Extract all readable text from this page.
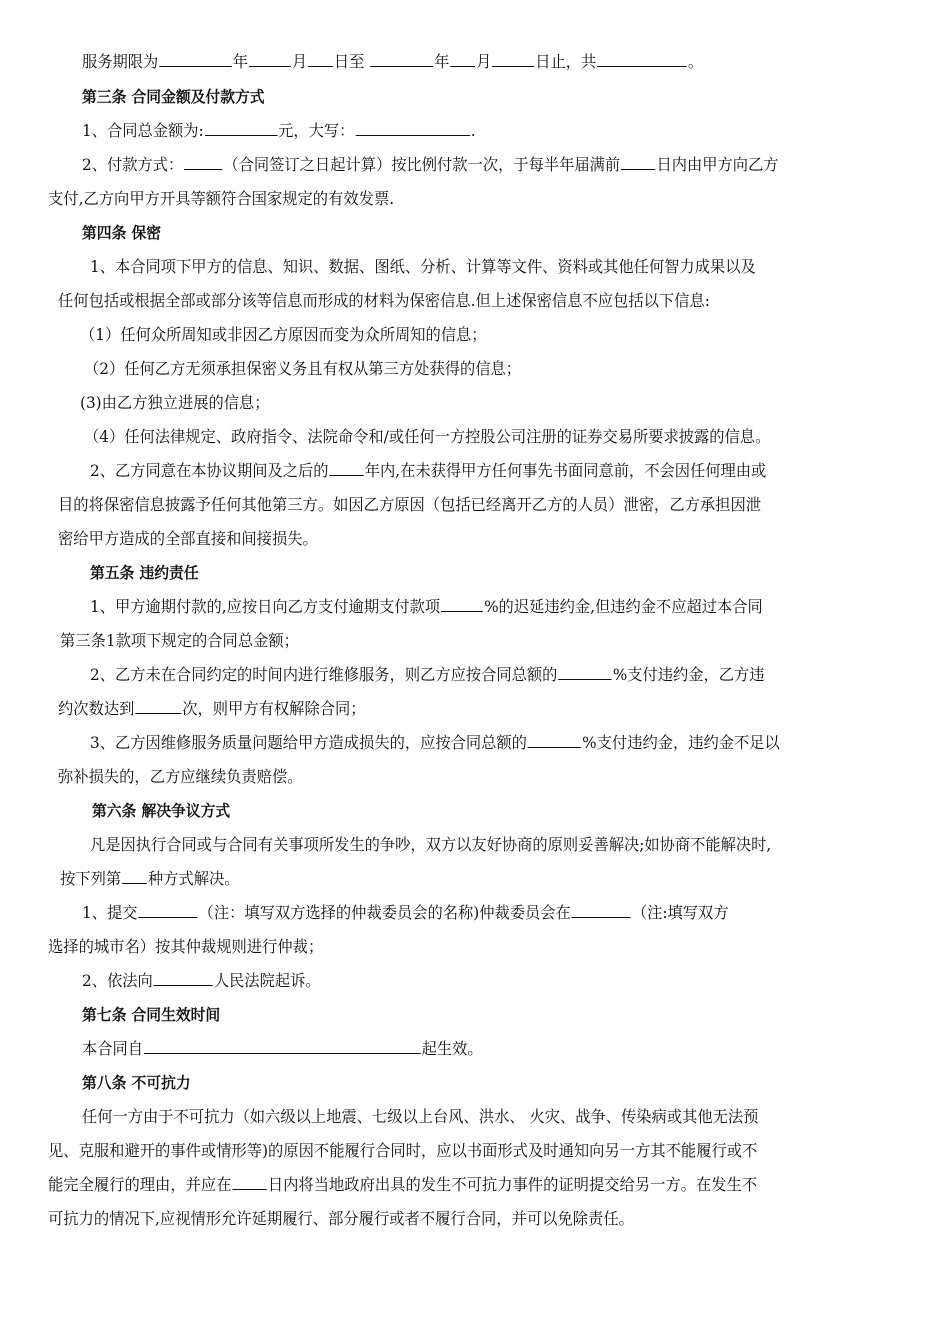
服务期限为	年	月 日至	年 月	日止，共	。
第三条 合同金额及付款方式
1、合同总金额为:	元，大写：	.
2、付款方式：	（合同签订之日起计算）按比例付款一次，于每半年届满前 日内由甲方向乙方
支付,乙方向甲方开具等额符合国家规定的有效发票.
第四条 保密
1、本合同项下甲方的信息、知识、数据、图纸、分析、计算等文件、资料或其他任何智力成果以及
任何包括或根据全部或部分该等信息而形成的材料为保密信息.但上述保密信息不应包括以下信息:
（1）任何众所周知或非因乙方原因而变为众所周知的信息；
（2）任何乙方无须承担保密义务且有权从第三方处获得的信息；
(3)由乙方独立进展的信息；
（4）任何法律规定、政府指令、法院命令和/或任何一方控股公司注册的证券交易所要求披露的信息。
2、乙方同意在本协议期间及之后的 年内,在未获得甲方任何事先书面同意前，不会因任何理由或
目的将保密信息披露予任何其他第三方。如因乙方原因（包括已经离开乙方的人员）泄密，乙方承担因泄
密给甲方造成的全部直接和间接损失。
第五条 违约责任
1、甲方逾期付款的,应按日向乙方支付逾期支付款项	%的迟延违约金,但违约金不应超过本合同
第三条1款项下规定的合同总金额；
2、乙方未在合同约定的时间内进行维修服务，则乙方应按合同总额的	%支付违约金，乙方违
约次数达到	次，则甲方有权解除合同；
3、乙方因维修服务质量问题给甲方造成损失的，应按合同总额的	%支付违约金，违约金不足以
弥补损失的，乙方应继续负责赔偿。
第六条 解决争议方式
凡是因执行合同或与合同有关事项所发生的争吵，双方以友好协商的原则妥善解决;如协商不能解决时,
按下列第 种方式解决。
1、提交	（注：填写双方选择的仲裁委员会的名称)仲裁委员会在	（注:填写双方
选择的城市名）按其仲裁规则进行仲裁；
2、依法向	人民法院起诉。
第七条 合同生效时间
本合同自	起生效。
第八条 不可抗力
任何一方由于不可抗力（如六级以上地震、七级以上台风、洪水、 火灾、战争、传染病或其他无法预
见、克服和避开的事件或情形等)的原因不能履行合同时，应以书面形式及时通知向另一方其不能履行或不
能完全履行的理由，并应在 日内将当地政府出具的发生不可抗力事件的证明提交给另一方。在发生不
可抗力的情况下,应视情形允许延期履行、部分履行或者不履行合同，并可以免除责任。
